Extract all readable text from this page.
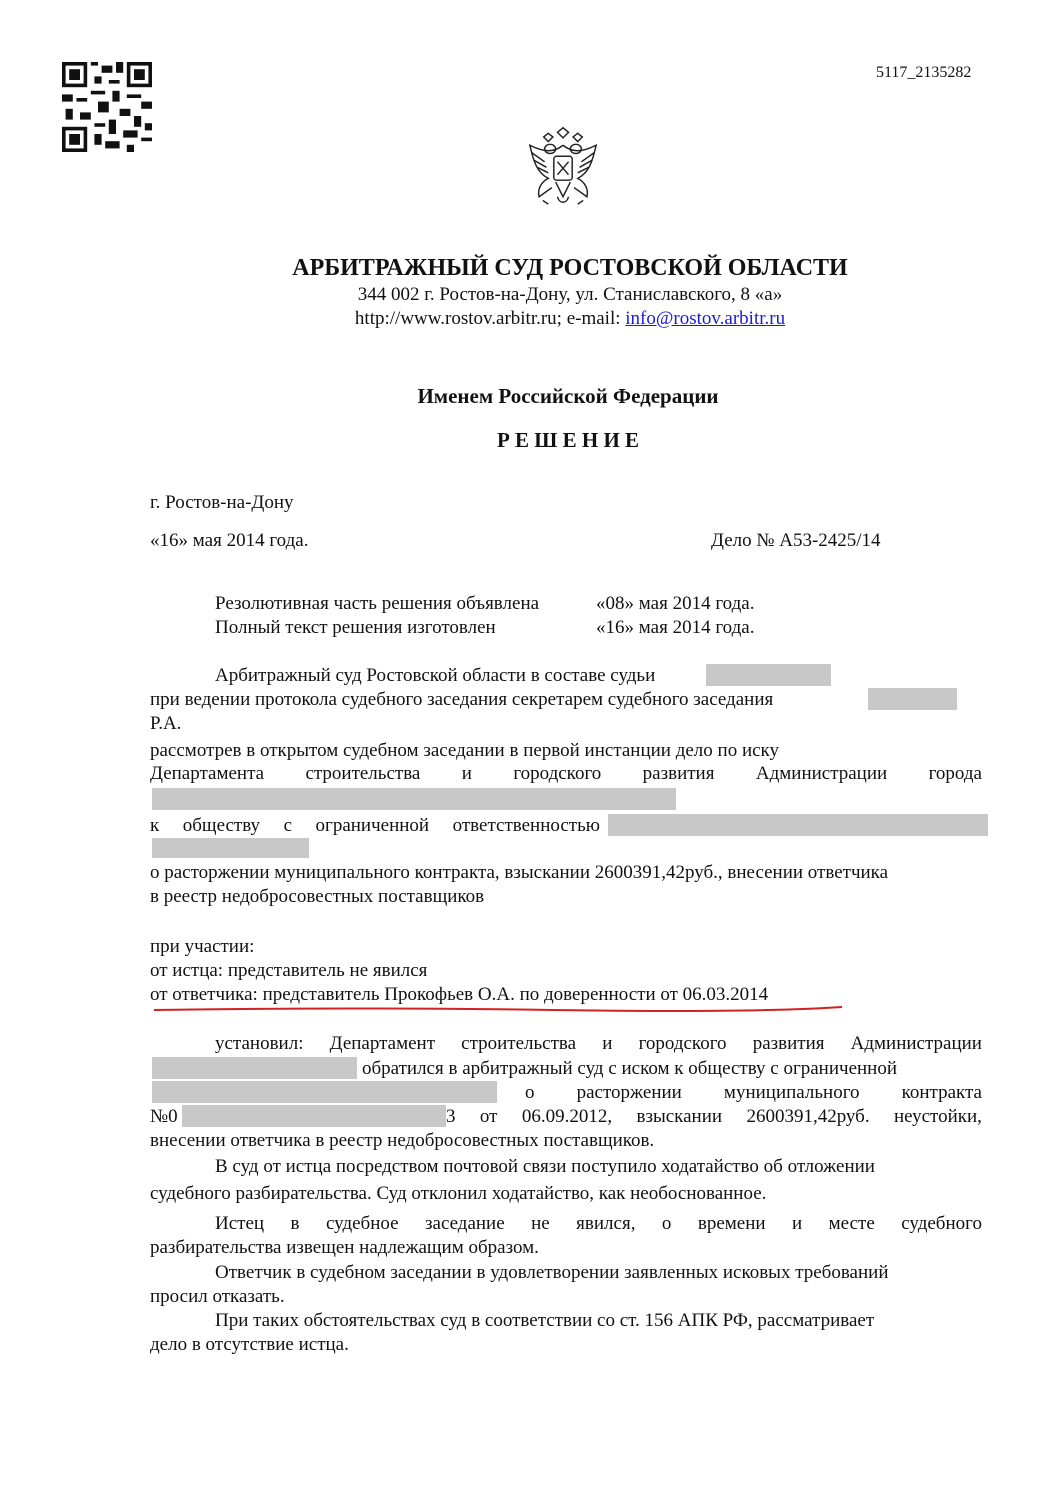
5117_2135282
АРБИТРАЖНЫЙ СУД РОСТОВСКОЙ ОБЛАСТИ
344 002 г. Ростов-на-Дону, ул. Станиславского, 8 «а»
http://www.rostov.arbitr.ru; e-mail: info@rostov.arbitr.ru
Именем Российской Федерации
Р Е Ш Е Н И Е
г. Ростов-на-Дону
«16» мая 2014 года.	Дело № А53-2425/14
Резолютивная часть решения объявлена	«08» мая 2014 года.
Полный текст решения изготовлен	«16» мая 2014 года.
Арбитражный суд Ростовской области в составе судьи
при ведении протокола судебного заседания секретарем судебного заседания
Р.А.
рассмотрев в открытом судебном заседании в первой инстанции дело по иску
Департамента строительства и городского развития Администрации города
к обществу с ограниченной ответственностью
о расторжении муниципального контракта, взыскании 2600391,42руб., внесении ответчика
в реестр недобросовестных поставщиков
при участии:
от истца: представитель не явился
от ответчика: представитель Прокофьев О.А. по доверенности от 06.03.2014
установил: Департамент строительства и городского развития Администрации
обратился в арбитражный суд с иском к обществу с ограниченной
о расторжении муниципального контракта
№0	3 от 06.09.2012, взыскании 2600391,42руб. неустойки,
внесении ответчика в реестр недобросовестных поставщиков.
В суд от истца посредством почтовой связи поступило ходатайство об отложении
судебного разбирательства. Суд отклонил ходатайство, как необоснованное.
Истец в судебное заседание не явился, о времени и месте судебного
разбирательства извещен надлежащим образом.
Ответчик в судебном заседании в удовлетворении заявленных исковых требований
просил отказать.
При таких обстоятельствах суд в соответствии со ст. 156 АПК РФ, рассматривает
дело в отсутствие истца.
